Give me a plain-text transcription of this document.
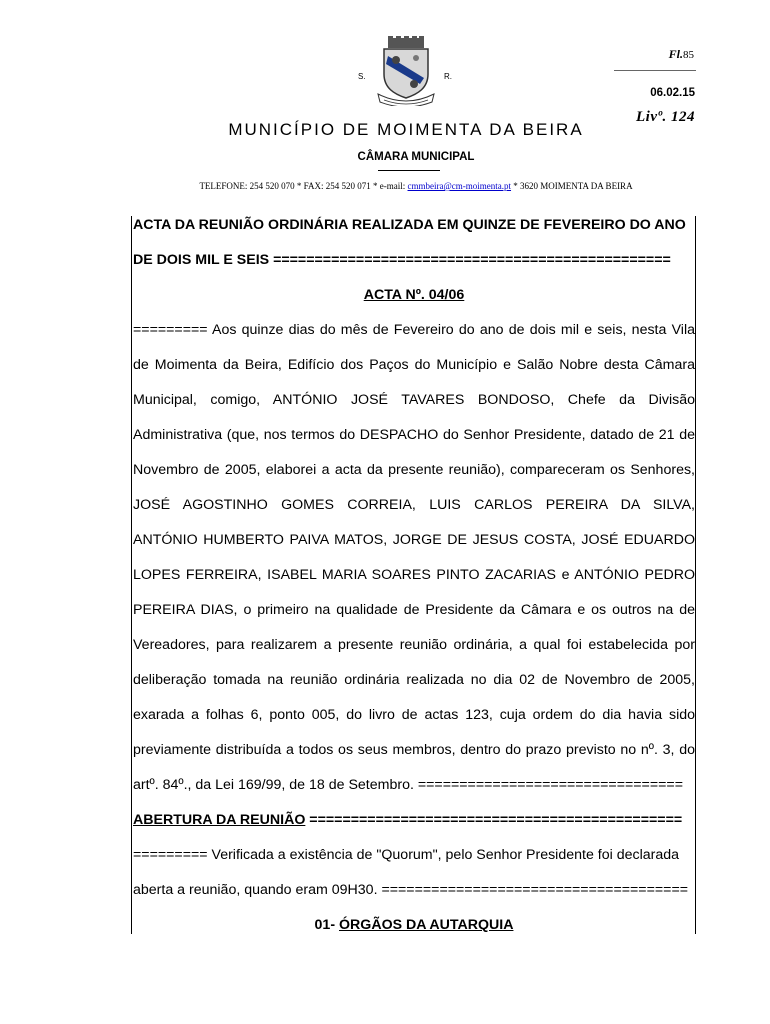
S.	R.
Fl.85
06.02.15
Livº. 124
MUNICÍPIO DE MOIMENTA DA BEIRA
CÂMARA MUNICIPAL
TELEFONE: 254 520 070 * FAX: 254 520 071 * e-mail: cmmbeira@cm-moimenta.pt * 3620 MOIMENTA DA BEIRA
ACTA DA REUNIÃO ORDINÁRIA REALIZADA EM QUINZE DE FEVEREIRO DO ANO
DE DOIS MIL E SEIS ================================================
ACTA Nº. 04/06
========= Aos quinze dias do mês de Fevereiro do ano de dois mil e seis, nesta Vila
de Moimenta da Beira, Edifício dos Paços do Município e Salão Nobre desta Câmara
Municipal, comigo, ANTÓNIO JOSÉ TAVARES BONDOSO, Chefe da Divisão
Administrativa (que, nos termos do DESPACHO do Senhor Presidente, datado de 21 de
Novembro de 2005, elaborei a acta da presente reunião), compareceram os Senhores,
JOSÉ AGOSTINHO GOMES CORREIA, LUIS CARLOS PEREIRA DA SILVA,
ANTÓNIO HUMBERTO PAIVA MATOS, JORGE DE JESUS COSTA, JOSÉ EDUARDO
LOPES FERREIRA, ISABEL MARIA SOARES PINTO ZACARIAS e ANTÓNIO PEDRO
PEREIRA DIAS, o primeiro na qualidade de Presidente da Câmara e os outros na de
Vereadores, para realizarem a presente reunião ordinária, a qual foi estabelecida por
deliberação tomada na reunião ordinária realizada no dia 02 de Novembro de 2005,
exarada a folhas 6, ponto 005, do livro de actas 123, cuja ordem do dia havia sido
previamente distribuída a todos os seus membros, dentro do prazo previsto no nº. 3, do
artº. 84º., da Lei 169/99, de 18 de Setembro. ================================
ABERTURA DA REUNIÃO =============================================
========= Verificada a existência de "Quorum", pelo Senhor Presidente foi declarada
aberta a reunião, quando eram 09H30. =====================================
01- ÓRGÃOS DA AUTARQUIA
